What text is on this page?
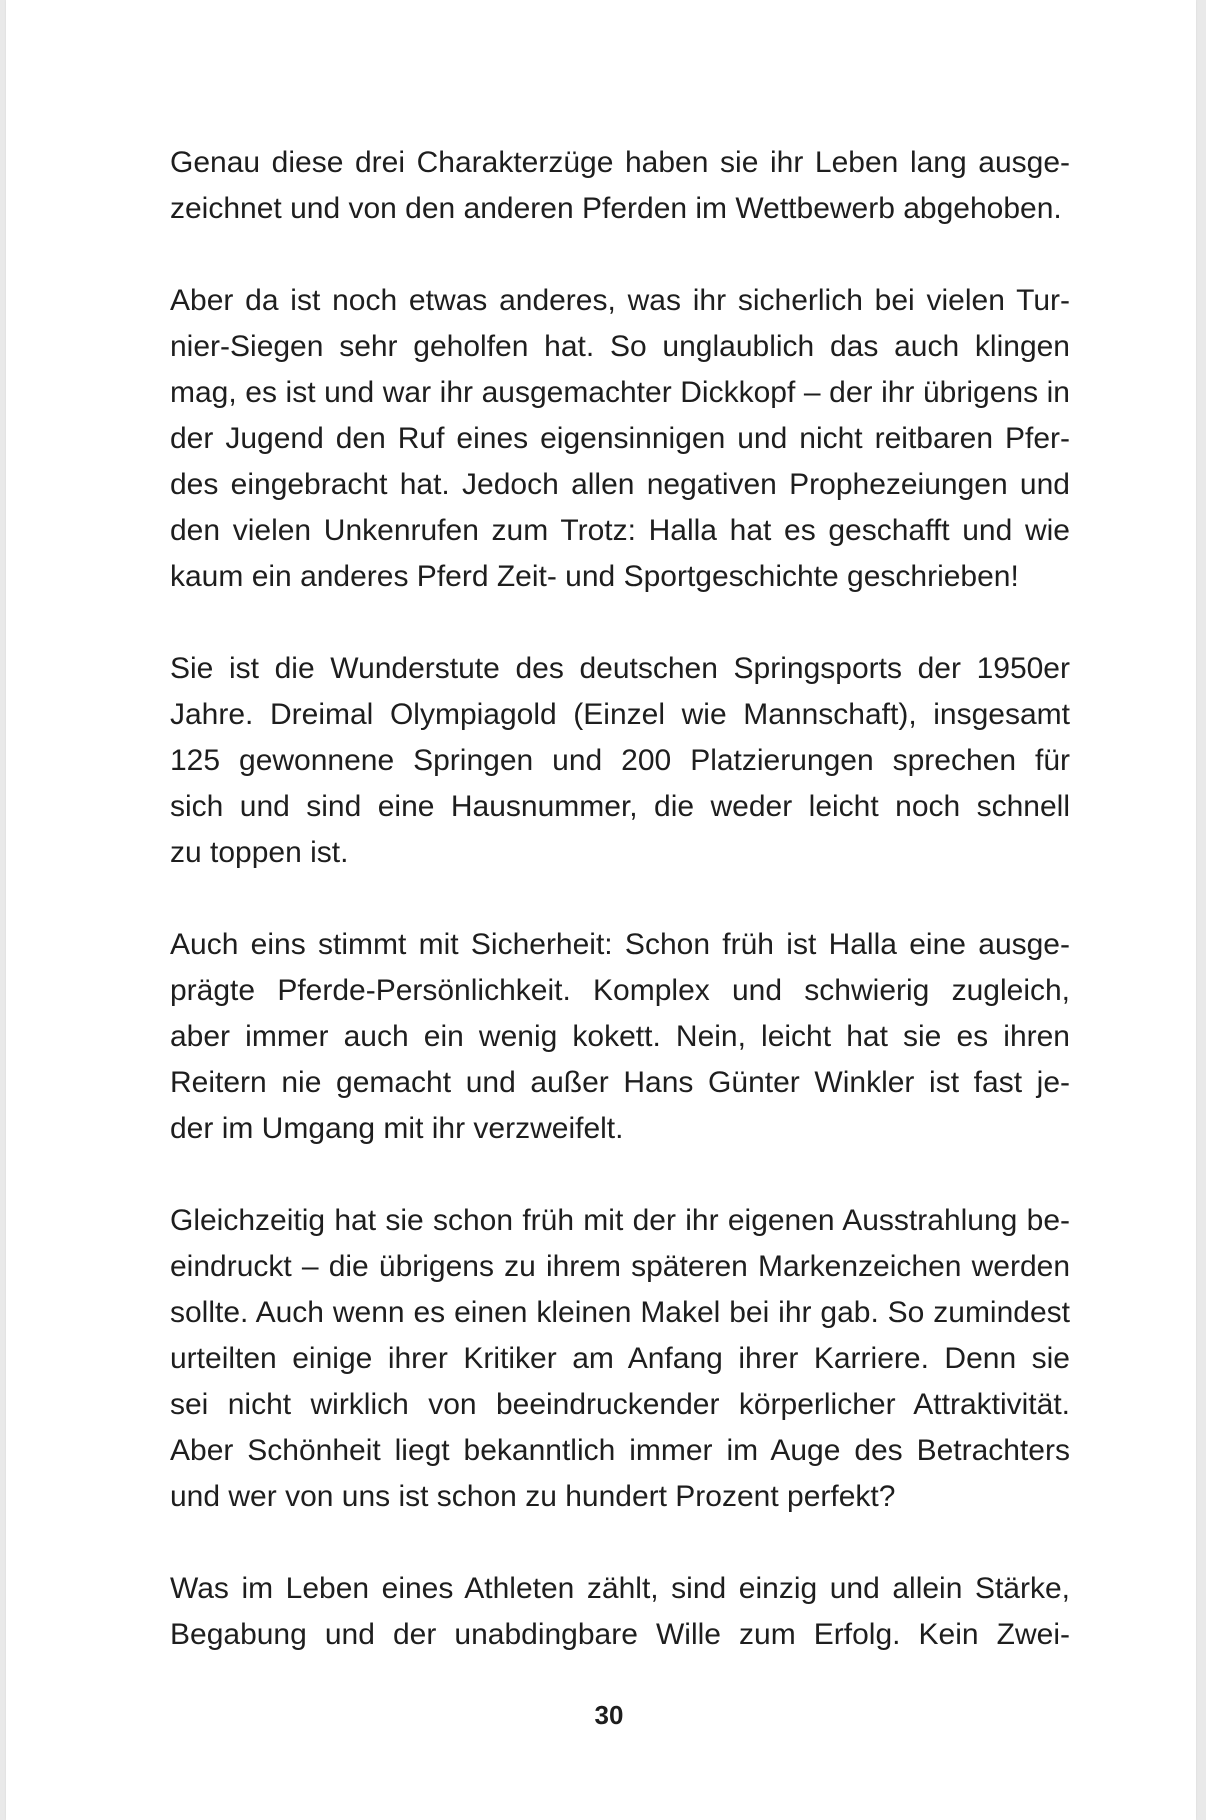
Genau diese drei Charakterzüge haben sie ihr Leben lang ausge-
zeichnet und von den anderen Pferden im Wettbewerb abgehoben.
Aber da ist noch etwas anderes, was ihr sicherlich bei vielen Tur-
nier-Siegen sehr geholfen hat. So unglaublich das auch klingen
mag, es ist und war ihr ausgemachter Dickkopf – der ihr übrigens in
der Jugend den Ruf eines eigensinnigen und nicht reitbaren Pfer-
des eingebracht hat. Jedoch allen negativen Prophezeiungen und
den vielen Unkenrufen zum Trotz: Halla hat es geschafft und wie
kaum ein anderes Pferd Zeit- und Sportgeschichte geschrieben!
Sie ist die Wunderstute des deutschen Springsports der 1950er
Jahre. Dreimal Olympiagold (Einzel wie Mannschaft), insgesamt
125 gewonnene Springen und 200 Platzierungen sprechen für
sich und sind eine Hausnummer, die weder leicht noch schnell
zu toppen ist.
Auch eins stimmt mit Sicherheit: Schon früh ist Halla eine ausge-
prägte Pferde-Persönlichkeit. Komplex und schwierig zugleich,
aber immer auch ein wenig kokett. Nein, leicht hat sie es ihren
Reitern nie gemacht und außer Hans Günter Winkler ist fast je-
der im Umgang mit ihr verzweifelt.
Gleichzeitig hat sie schon früh mit der ihr eigenen Ausstrahlung be-
eindruckt – die übrigens zu ihrem späteren Markenzeichen werden
sollte. Auch wenn es einen kleinen Makel bei ihr gab. So zumindest
urteilten einige ihrer Kritiker am Anfang ihrer Karriere. Denn sie
sei nicht wirklich von beeindruckender körperlicher Attraktivität.
Aber Schönheit liegt bekanntlich immer im Auge des Betrachters
und wer von uns ist schon zu hundert Prozent perfekt?
Was im Leben eines Athleten zählt, sind einzig und allein Stärke,
Begabung und der unabdingbare Wille zum Erfolg. Kein Zwei-
30
